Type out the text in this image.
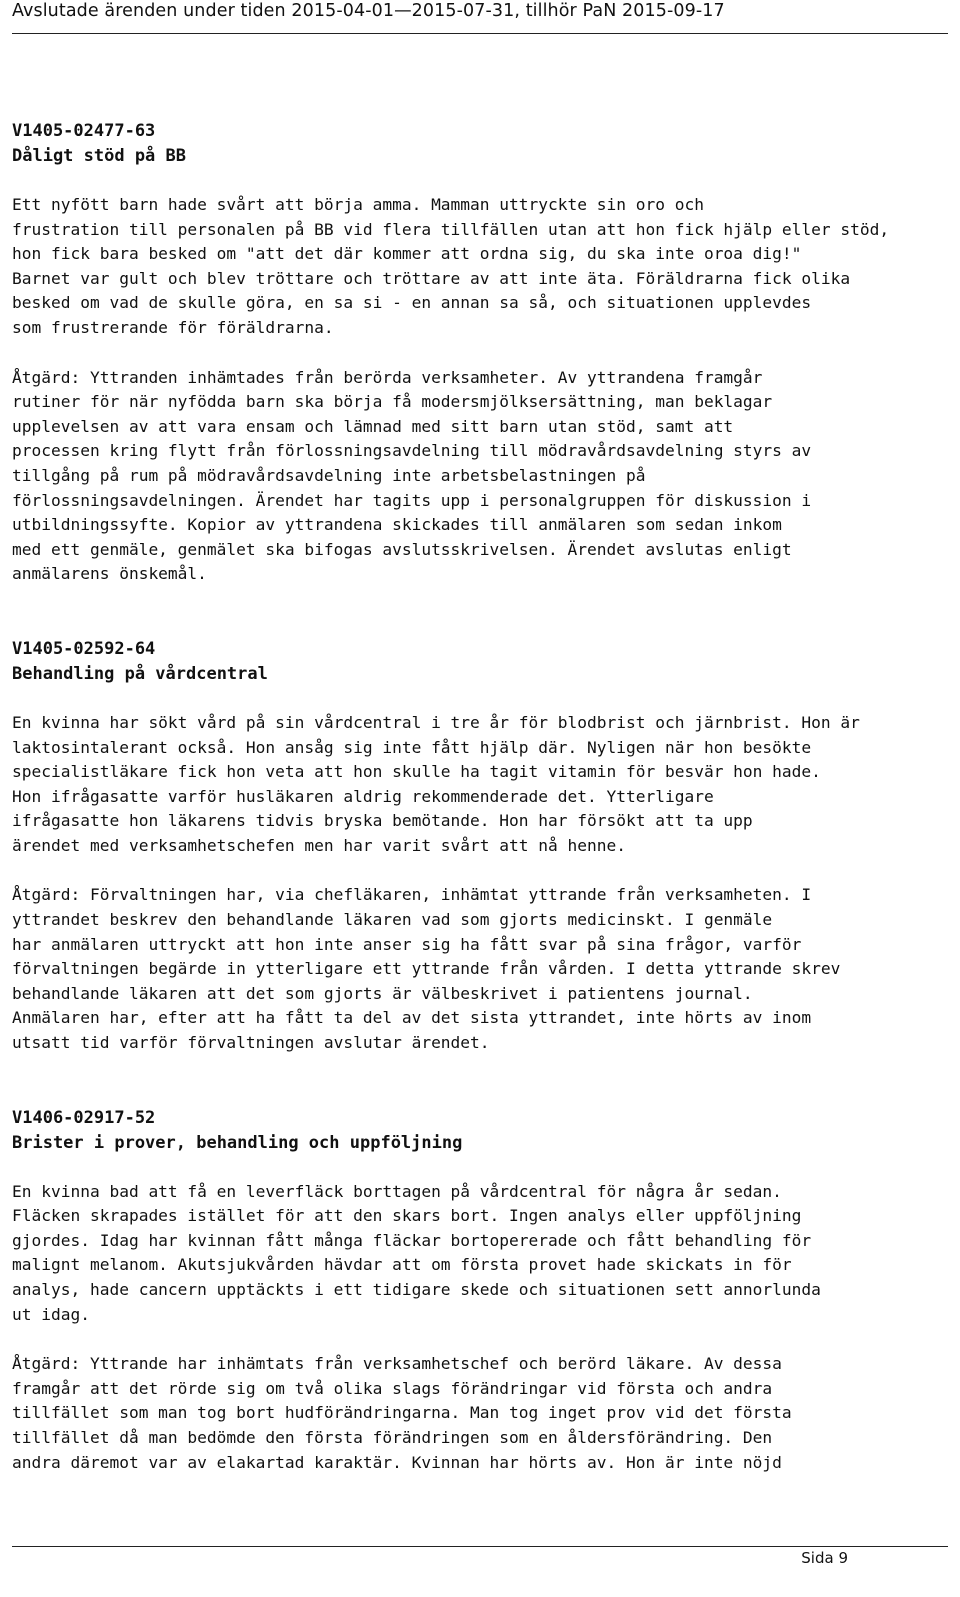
Avslutade ärenden under tiden 2015-04-01—2015-07-31, tillhör PaN 2015-09-17
V1405-02477-63
Dåligt stöd på BB
Ett nyfött barn hade svårt att börja amma. Mamman uttryckte sin oro och
frustration till personalen på BB vid flera tillfällen utan att hon fick hjälp eller stöd,
hon fick bara besked om "att det där kommer att ordna sig, du ska inte oroa dig!"
Barnet var gult och blev tröttare och tröttare av att inte äta. Föräldrarna fick olika
besked om vad de skulle göra, en sa si - en annan sa så, och situationen upplevdes
som frustrerande för föräldrarna.
Åtgärd: Yttranden inhämtades från berörda verksamheter. Av yttrandena framgår
rutiner för när nyfödda barn ska börja få modersmjölksersättning, man beklagar
upplevelsen av att vara ensam och lämnad med sitt barn utan stöd, samt att
processen kring flytt från förlossningsavdelning till mödravårdsavdelning styrs av
tillgång på rum på mödravårdsavdelning inte arbetsbelastningen på
förlossningsavdelningen. Ärendet har tagits upp i personalgruppen för diskussion i
utbildningssyfte. Kopior av yttrandena skickades till anmälaren som sedan inkom
med ett genmäle, genmälet ska bifogas avslutsskrivelsen. Ärendet avslutas enligt
anmälarens önskemål.
V1405-02592-64
Behandling på vårdcentral
En kvinna har sökt vård på sin vårdcentral i tre år för blodbrist och järnbrist. Hon är
laktosintalerant också. Hon ansåg sig inte fått hjälp där. Nyligen när hon besökte
specialistläkare fick hon veta att hon skulle ha tagit vitamin för besvär hon hade.
Hon ifrågasatte varför husläkaren aldrig rekommenderade det. Ytterligare
ifrågasatte hon läkarens tidvis bryska bemötande. Hon har försökt att ta upp
ärendet med verksamhetschefen men har varit svårt att nå henne.
Åtgärd: Förvaltningen har, via chefläkaren, inhämtat yttrande från verksamheten. I
yttrandet beskrev den behandlande läkaren vad som gjorts medicinskt. I genmäle
har anmälaren uttryckt att hon inte anser sig ha fått svar på sina frågor, varför
förvaltningen begärde in ytterligare ett yttrande från vården. I detta yttrande skrev
behandlande läkaren att det som gjorts är välbeskrivet i patientens journal.
Anmälaren har, efter att ha fått ta del av det sista yttrandet, inte hörts av inom
utsatt tid varför förvaltningen avslutar ärendet.
V1406-02917-52
Brister i prover, behandling och uppföljning
En kvinna bad att få en leverfläck borttagen på vårdcentral för några år sedan.
Fläcken skrapades istället för att den skars bort. Ingen analys eller uppföljning
gjordes. Idag har kvinnan fått många fläckar bortopererade och fått behandling för
malignt melanom. Akutsjukvården hävdar att om första provet hade skickats in för
analys, hade cancern upptäckts i ett tidigare skede och situationen sett annorlunda
ut idag.
Åtgärd: Yttrande har inhämtats från verksamhetschef och berörd läkare. Av dessa
framgår att det rörde sig om två olika slags förändringar vid första och andra
tillfället som man tog bort hudförändringarna. Man tog inget prov vid det första
tillfället då man bedömde den första förändringen som en åldersförändring. Den
andra däremot var av elakartad karaktär. Kvinnan har hörts av. Hon är inte nöjd
Sida 9
